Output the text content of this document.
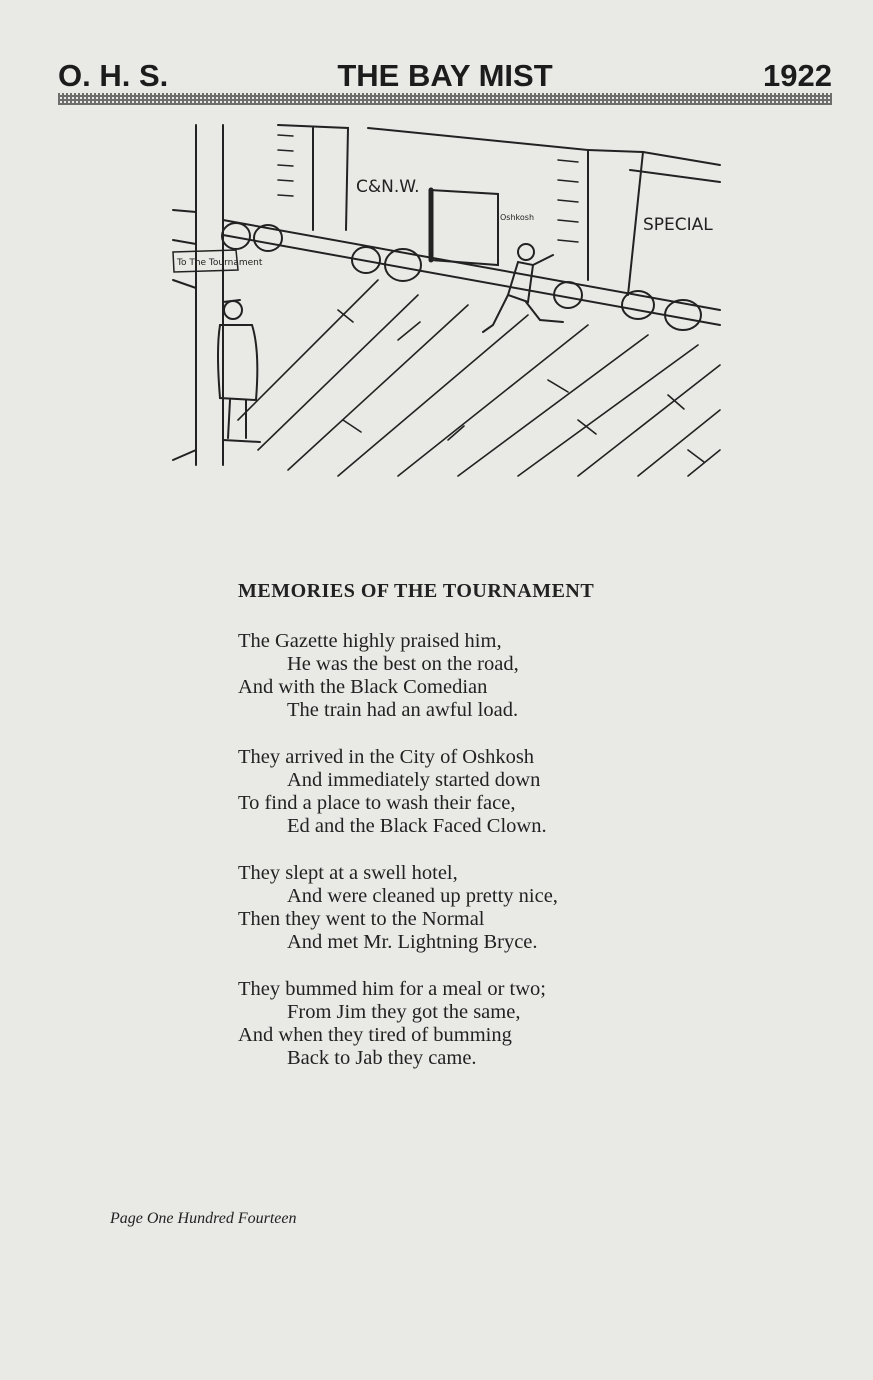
O. H. S.	THE BAY MIST	1922
To The Tournament
C&N.W.
Oshkosh	SPECIAL
MEMORIES OF THE TOURNAMENT
The Gazette highly praised him,
He was the best on the road,
And with the Black Comedian
The train had an awful load.
They arrived in the City of Oshkosh
And immediately started down
To find a place to wash their face,
Ed and the Black Faced Clown.
They slept at a swell hotel,
And were cleaned up pretty nice,
Then they went to the Normal
And met Mr. Lightning Bryce.
They bummed him for a meal or two;
From Jim they got the same,
And when they tired of bumming
Back to Jab they came.
Page One Hundred Fourteen
